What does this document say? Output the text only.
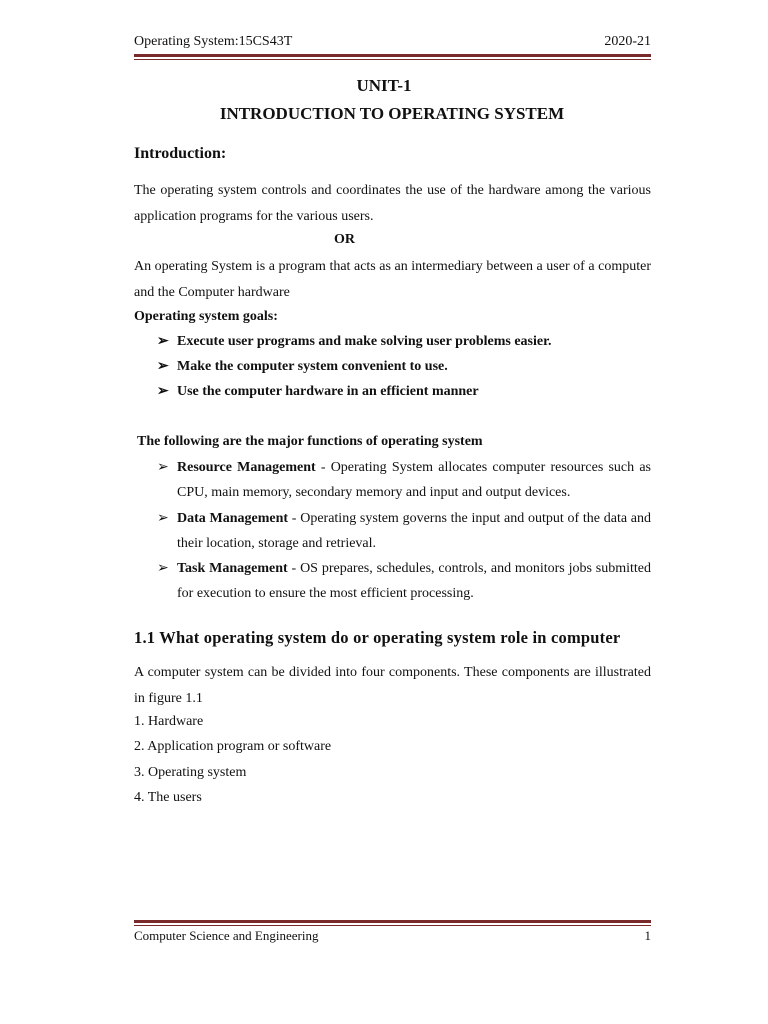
Operating System:15CS43T	2020-21
UNIT-1
INTRODUCTION TO OPERATING SYSTEM
Introduction:
The operating system controls and coordinates the use of the hardware among the various application programs for the various users.
OR
An operating System is a program that acts as an intermediary between a user of a computer and the Computer hardware
Operating system goals:
➢ Execute user programs and make solving user problems easier.
➢ Make the computer system convenient to use.
➢ Use the computer hardware in an efficient manner
The following are the major functions of operating system
➢ Resource Management - Operating System allocates computer resources such as CPU, main memory, secondary memory and input and output devices.
➢ Data Management - Operating system governs the input and output of the data and their location, storage and retrieval.
➢ Task Management - OS prepares, schedules, controls, and monitors jobs submitted for execution to ensure the most efficient processing.
1.1 What operating system do or operating system role in computer
A computer system can be divided into four components. These components are illustrated in figure 1.1
1. Hardware
2. Application program or software
3. Operating system
4. The users
Computer Science and Engineering	1
